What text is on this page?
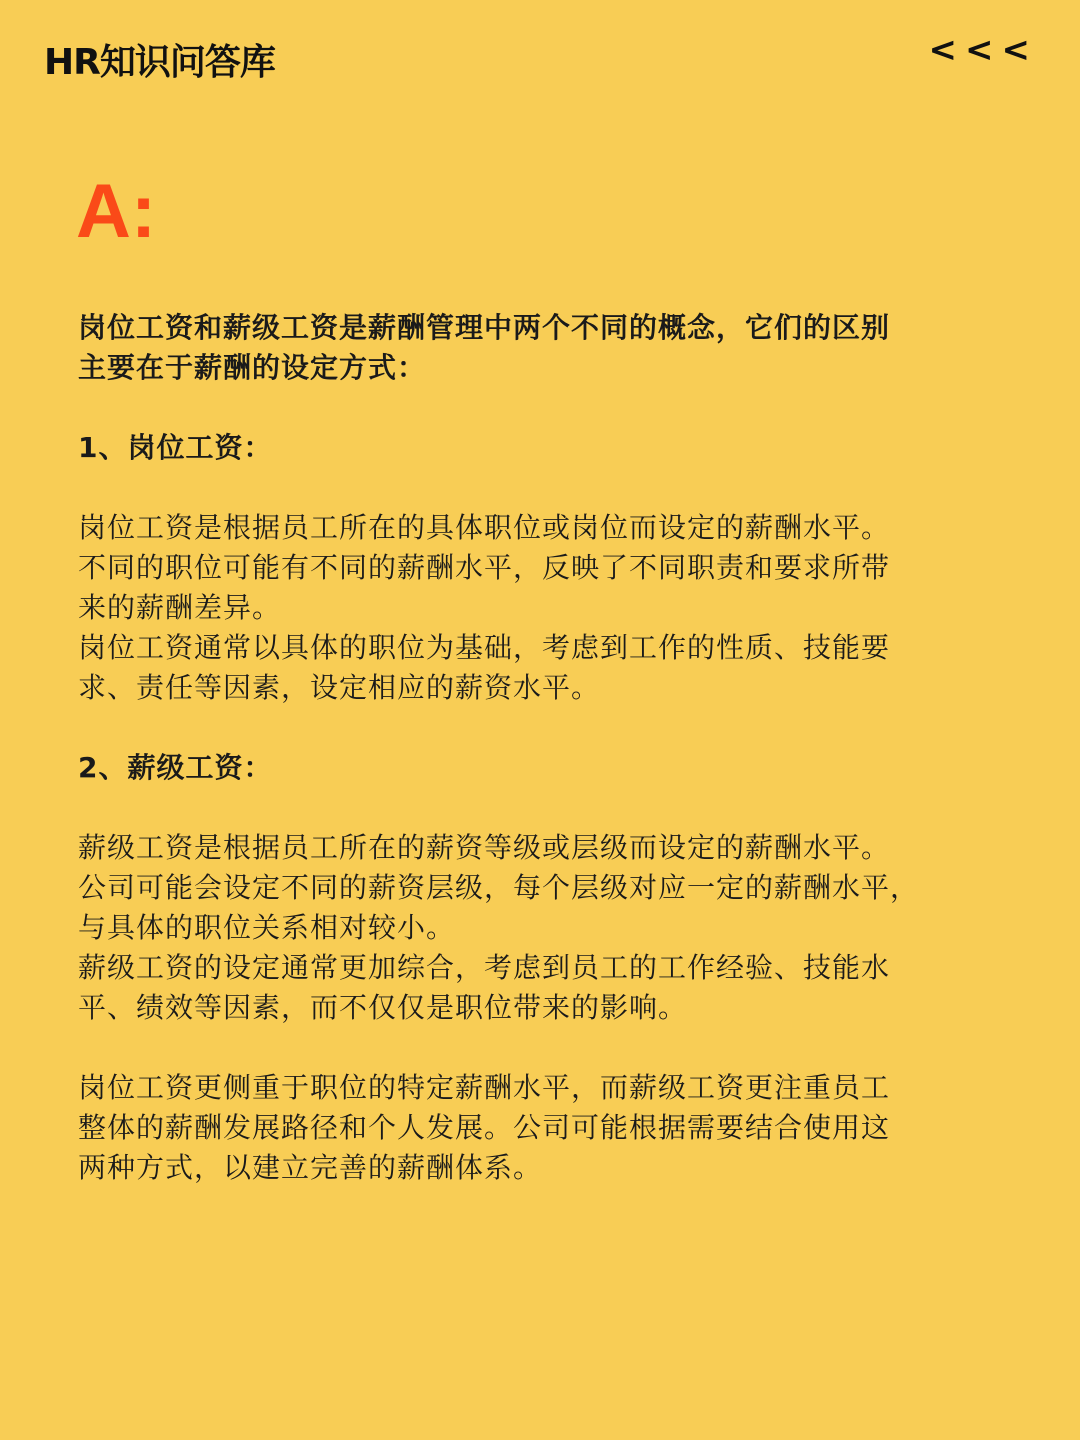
HR知识问答库	<<<
A:

岗位工资和薪级工资是薪酬管理中两个不同的概念，它们的区别

主要在于薪酬的设定方式：

1、岗位工资：

岗位工资是根据员工所在的具体职位或岗位而设定的薪酬水平。

不同的职位可能有不同的薪酬水平，反映了不同职责和要求所带

来的薪酬差异。

岗位工资通常以具体的职位为基础，考虑到工作的性质、技能要

求、责任等因素，设定相应的薪资水平。

2、薪级工资：

薪级工资是根据员工所在的薪资等级或层级而设定的薪酬水平。

公司可能会设定不同的薪资层级，每个层级对应一定的薪酬水平，

与具体的职位关系相对较小。

薪级工资的设定通常更加综合，考虑到员工的工作经验、技能水

平、绩效等因素，而不仅仅是职位带来的影响。

岗位工资更侧重于职位的特定薪酬水平，而薪级工资更注重员工

整体的薪酬发展路径和个人发展。公司可能根据需要结合使用这

两种方式，以建立完善的薪酬体系。
